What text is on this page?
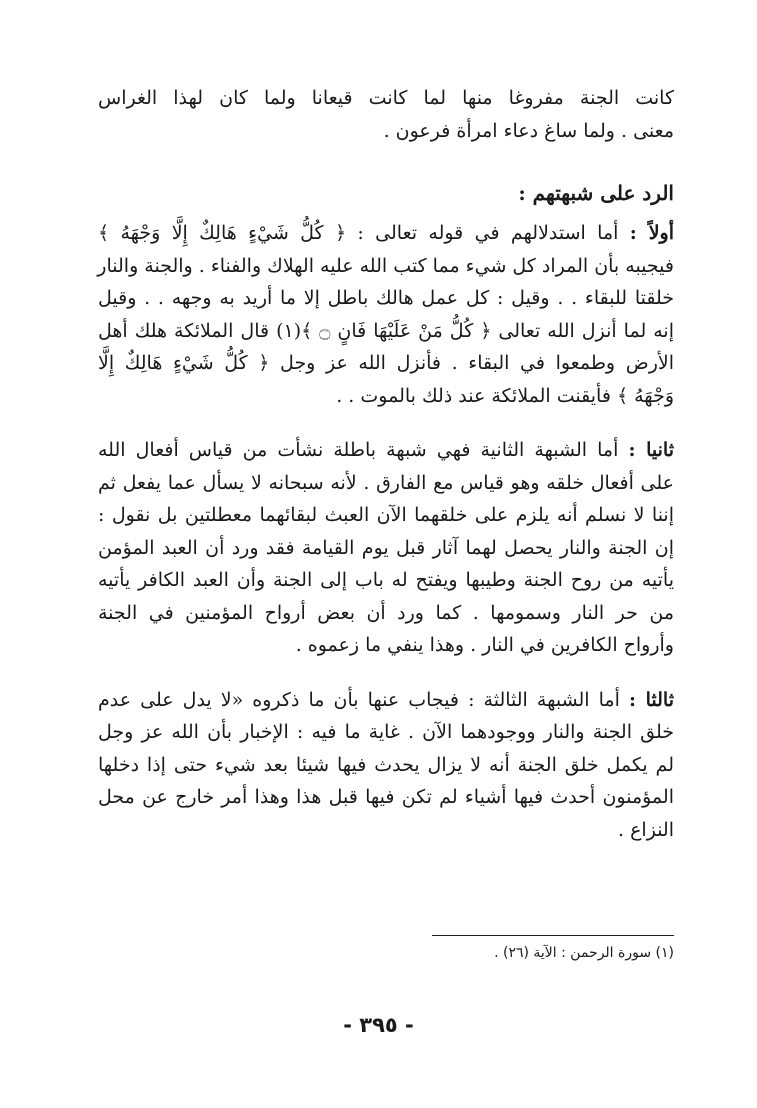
كانت الجنة مفروغا منها لما كانت قيعانا ولما كان لهذا الغراس
معنى . ولما ساغ دعاء امرأة فرعون .
الرد على شبهتهم :
أولاً : أما استدلالهم في قوله تعالى : ﴿ كُلُّ شَيْءٍ هَالِكٌ إِلَّا وَجْهَهُ ﴾
فيجيبه بأن المراد كل شيء مما كتب الله عليه الهلاك والفناء . والجنة والنار
خلقتا للبقاء . . وقيل : كل عمل هالك باطل إلا ما أريد به وجهه . . وقيل
إنه لما أنزل الله تعالى ﴿ كُلُّ مَنْ عَلَيْهَا فَانٍ ۝ ﴾(١) قال الملائكة هلك أهل
الأرض وطمعوا في البقاء . فأنزل الله عز وجل ﴿ كُلُّ شَيْءٍ هَالِكٌ إِلَّا
وَجْهَهُ ﴾ فأيقنت الملائكة عند ذلك بالموت . .
ثانيا : أما الشبهة الثانية فهي شبهة باطلة نشأت من قياس أفعال الله
على أفعال خلقه وهو قياس مع الفارق . لأنه سبحانه لا يسأل عما يفعل ثم
إننا لا نسلم أنه يلزم على خلقهما الآن العبث لبقائهما معطلتين بل نقول :
إن الجنة والنار يحصل لهما آثار قبل يوم القيامة فقد ورد أن العبد المؤمن
يأتيه من روح الجنة وطيبها ويفتح له باب إلى الجنة وأن العبد الكافر يأتيه
من حر النار وسمومها . كما ورد أن بعض أرواح المؤمنين في الجنة
وأرواح الكافرين في النار . وهذا ينفي ما زعموه .
ثالثا : أما الشبهة الثالثة : فيجاب عنها بأن ما ذكروه «لا يدل على عدم
خلق الجنة والنار ووجودهما الآن . غاية ما فيه : الإخبار بأن الله عز وجل
لم يكمل خلق الجنة أنه لا يزال يحدث فيها شيئا بعد شيء حتى إذا دخلها
المؤمنون أحدث فيها أشياء لم تكن فيها قبل هذا وهذا أمر خارج عن محل
النزاع .
(١) سورة الرحمن : الآية (٢٦) .
- ٣٩٥ -
